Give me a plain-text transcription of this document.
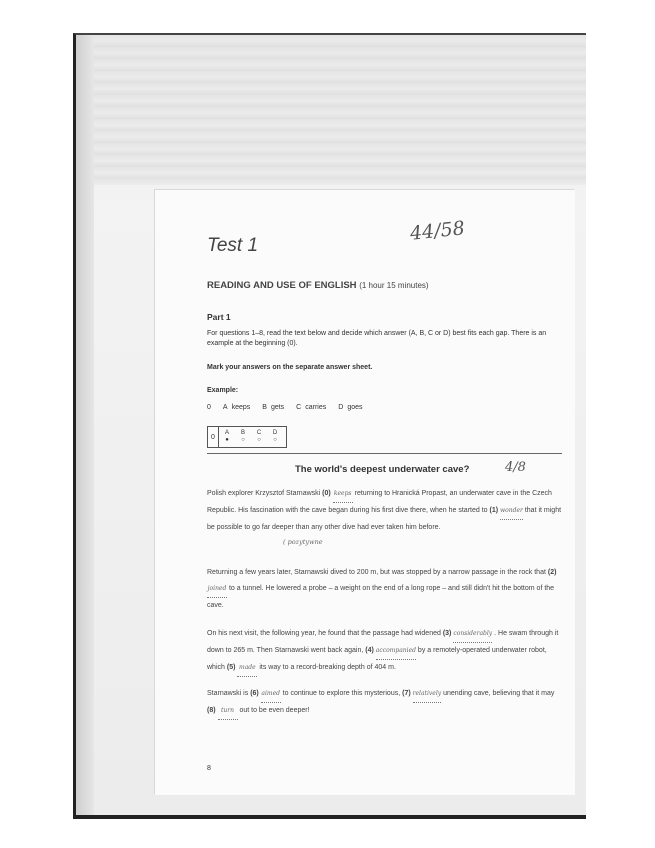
Test 1
44/58
READING AND USE OF ENGLISH (1 hour 15 minutes)
Part 1
For questions 1–8, read the text below and decide which answer (A, B, C or D) best fits each gap. There is an example at the beginning (0).
Mark your answers on the separate answer sheet.
Example:
0 A keeps B gets C carries D goes
0
A
●
B
○
C
○
D
○
The world's deepest underwater cave?	4/8
Polish explorer Krzysztof Starnawski (0) keeps returning to Hranická Propast, an underwater cave in the Czech Republic. His fascination with the cave began during his first dive there, when he started to (1) wonder that it might be possible to go far deeper than any other dive had ever taken him before.
( pozytywne
Returning a few years later, Starnawski dived to 200 m, but was stopped by a narrow passage in the rock that (2) joined to a tunnel. He lowered a probe – a weight on the end of a long rope – and still didn't hit the bottom of the cave.
On his next visit, the following year, he found that the passage had widened (3) considerably . He swam through it down to 265 m. Then Starnawski went back again, (4) accompanied by a remotely-operated underwater robot, which (5) made its way to a record-breaking depth of 404 m.
Starnawski is (6) aimed to continue to explore this mysterious, (7) relatively unending cave, believing that it may (8) turn out to be even deeper!
8
